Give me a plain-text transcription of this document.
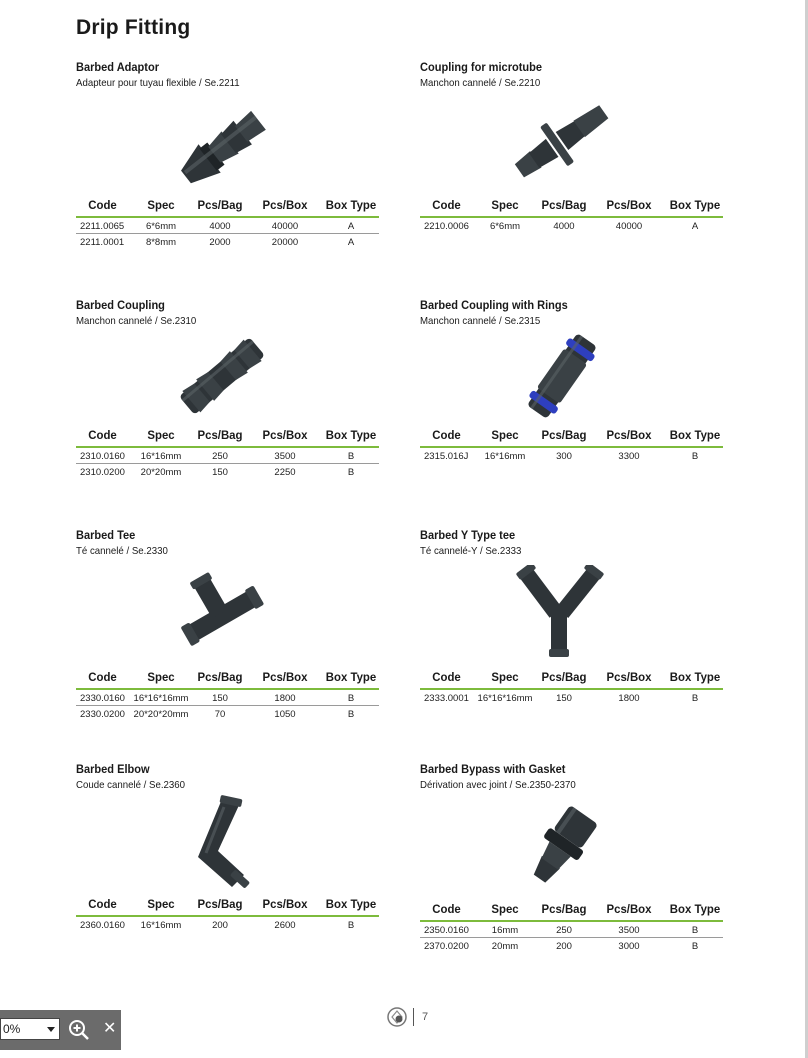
Drip Fitting
Barbed Adaptor
Adapteur pour tuyau flexible / Se.2211
Code	Spec	Pcs/Bag	Pcs/Box	Box Type
2211.0065	6*6mm	4000	40000	A
2211.0001	8*8mm	2000	20000	A
Coupling for microtube
Manchon cannelé / Se.2210
Code	Spec	Pcs/Bag	Pcs/Box	Box Type
2210.0006	6*6mm	4000	40000	A
Barbed Coupling
Manchon cannelé / Se.2310
Code	Spec	Pcs/Bag	Pcs/Box	Box Type
2310.0160	16*16mm	250	3500	B
2310.0200	20*20mm	150	2250	B
Barbed Coupling with Rings
Manchon cannelé / Se.2315
Code	Spec	Pcs/Bag	Pcs/Box	Box Type
2315.016J	16*16mm	300	3300	B
Barbed Tee
Té cannelé / Se.2330
Code	Spec	Pcs/Bag	Pcs/Box	Box Type
2330.0160	16*16*16mm	150	1800	B
2330.0200	20*20*20mm	70	1050	B
Barbed Y Type tee
Té cannelé-Y / Se.2333
Code	Spec	Pcs/Bag	Pcs/Box	Box Type
2333.0001	16*16*16mm	150	1800	B
Barbed Elbow
Coude cannelé / Se.2360
Code	Spec	Pcs/Bag	Pcs/Box	Box Type
2360.0160	16*16mm	200	2600	B
Barbed Bypass with Gasket
Dérivation avec joint / Se.2350-2370
Code	Spec	Pcs/Bag	Pcs/Box	Box Type
2350.0160	16mm	250	3500	B
2370.0200	20mm	200	3000	B
7
0%	✕
